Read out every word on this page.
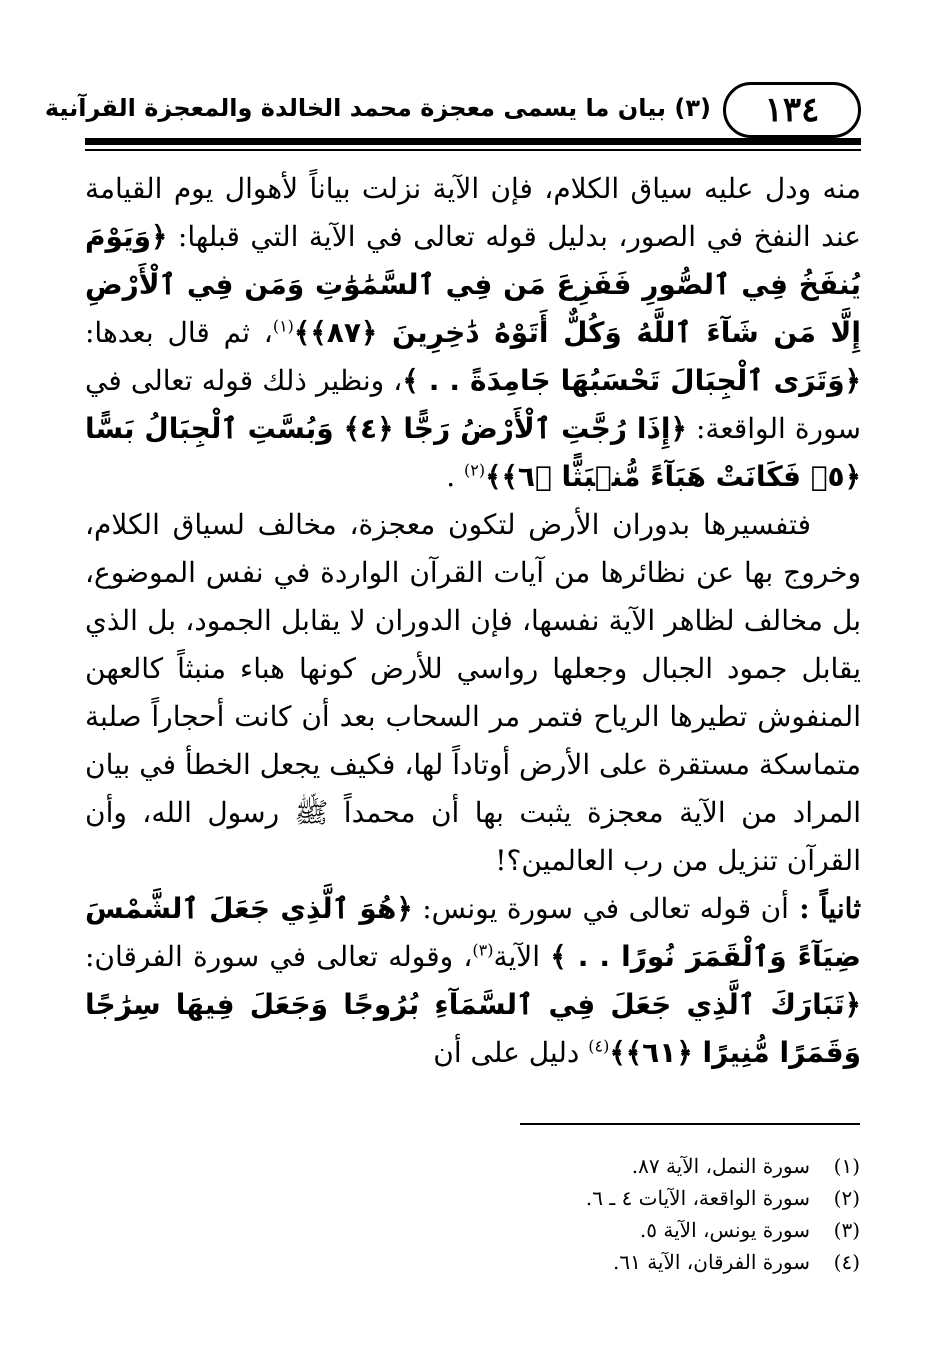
١٣٤
(٣) بيان ما يسمى معجزة محمد الخالدة والمعجزة القرآنية

منه ودل عليه سياق الكلام، فإن الآية نزلت بياناً لأهوال يوم القيامة عند النفخ في الصور، بدليل قوله تعالى في الآية التي قبلها: ﴿وَيَوْمَ يُنفَخُ فِي ٱلصُّورِ فَفَزِعَ مَن فِي ٱلسَّمَٰوَٰتِ وَمَن فِي ٱلْأَرْضِ إِلَّا مَن شَآءَ ٱللَّهُ وَكُلٌّ أَتَوْهُ دَٰخِرِينَ ﴿٨٧﴾﴾$^{(١)}$، ثم قال بعدها: ﴿وَتَرَى ٱلْجِبَالَ تَحْسَبُهَا جَامِدَةً . . ﴾، ونظير ذلك قوله تعالى في سورة الواقعة: ﴿إِذَا رُجَّتِ ٱلْأَرْضُ رَجًّا ﴿٤﴾ وَبُسَّتِ ٱلْجِبَالُ بَسًّا ﴿٥﴾ فَكَانَتْ هَبَآءً مُّنۢبَثًّا ﴿٦﴾﴾$^{(٢)}$ .

فتفسيرها بدوران الأرض لتكون معجزة، مخالف لسياق الكلام، وخروج بها عن نظائرها من آيات القرآن الواردة في نفس الموضوع، بل مخالف لظاهر الآية نفسها، فإن الدوران لا يقابل الجمود، بل الذي يقابل جمود الجبال وجعلها رواسي للأرض كونها هباء منبثاً كالعهن المنفوش تطيرها الرياح فتمر مر السحاب بعد أن كانت أحجاراً صلبة متماسكة مستقرة على الأرض أوتاداً لها، فكيف يجعل الخطأ في بيان المراد من الآية معجزة يثبت بها أن محمداً ﷺ رسول الله، وأن القرآن تنزيل من رب العالمين؟!

ثانياً : أن قوله تعالى في سورة يونس: ﴿هُوَ ٱلَّذِي جَعَلَ ٱلشَّمْسَ ضِيَآءً وَٱلْقَمَرَ نُورًا . . ﴾ الآية$^{(٣)}$، وقوله تعالى في سورة الفرقان: ﴿تَبَارَكَ ٱلَّذِي جَعَلَ فِي ٱلسَّمَآءِ بُرُوجًا وَجَعَلَ فِيهَا سِرَٰجًا وَقَمَرًا مُّنِيرًا ﴿٦١﴾﴾$^{(٤)}$ دليل على أن

(١)
سورة النمل، الآية ٨٧.
(٢)
سورة الواقعة، الآيات ٤ ـ ٦.
(٣)
سورة يونس، الآية ٥.
(٤)
سورة الفرقان، الآية ٦١.
